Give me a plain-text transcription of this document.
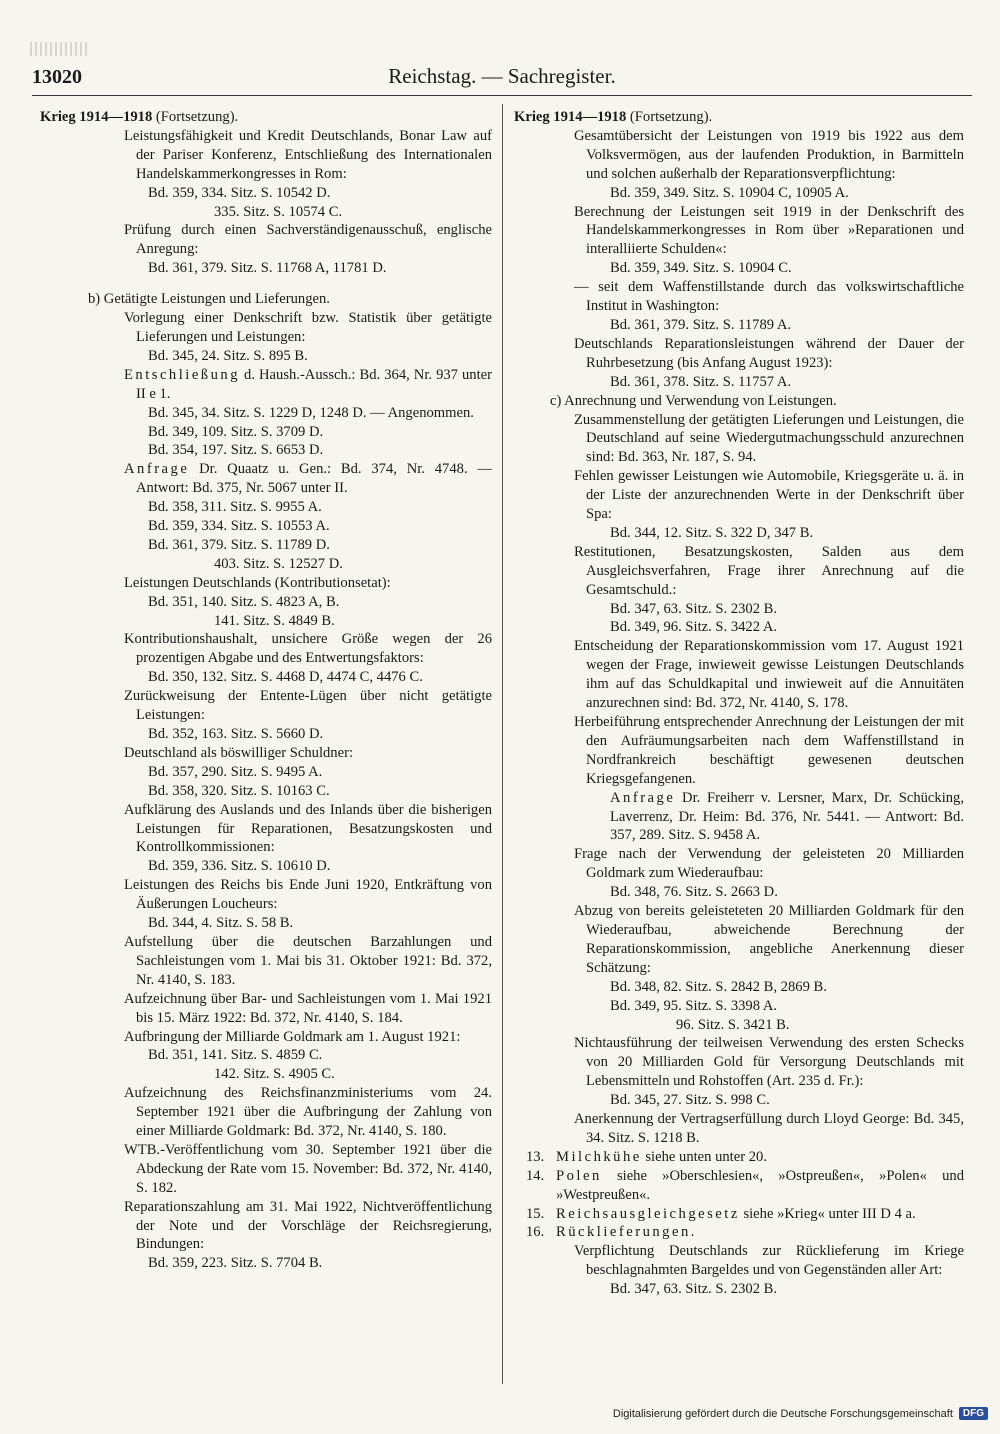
13020	Reichstag. — Sachregister.

Krieg 1914—1918 (Fortsetzung).

Leistungsfähigkeit und Kredit Deutschlands, Bonar Law auf der Pariser Konferenz, Entschließung des Internationalen Handelskammerkongresses in Rom:

Bd. 359, 334. Sitz. S. 10542 D.

335. Sitz. S. 10574 C.

Prüfung durch einen Sachverständigenausschuß, englische Anregung:

Bd. 361, 379. Sitz. S. 11768 A, 11781 D.

b) Getätigte Leistungen und Lieferungen.

Vorlegung einer Denkschrift bzw. Statistik über getätigte Lieferungen und Leistungen:

Bd. 345, 24. Sitz. S. 895 B.

Entschließung d. Haush.-Aussch.: Bd. 364, Nr. 937 unter II e 1.

Bd. 345, 34. Sitz. S. 1229 D, 1248 D. — Angenommen.

Bd. 349, 109. Sitz. S. 3709 D.

Bd. 354, 197. Sitz. S. 6653 D.

Anfrage Dr. Quaatz u. Gen.: Bd. 374, Nr. 4748. — Antwort: Bd. 375, Nr. 5067 unter II.

Bd. 358, 311. Sitz. S. 9955 A.

Bd. 359, 334. Sitz. S. 10553 A.

Bd. 361, 379. Sitz. S. 11789 D.

403. Sitz. S. 12527 D.

Leistungen Deutschlands (Kontributionsetat):

Bd. 351, 140. Sitz. S. 4823 A, B.

141. Sitz. S. 4849 B.

Kontributionshaushalt, unsichere Größe wegen der 26 prozentigen Abgabe und des Entwertungsfaktors:

Bd. 350, 132. Sitz. S. 4468 D, 4474 C, 4476 C.

Zurückweisung der Entente-Lügen über nicht getätigte Leistungen:

Bd. 352, 163. Sitz. S. 5660 D.

Deutschland als böswilliger Schuldner:

Bd. 357, 290. Sitz. S. 9495 A.

Bd. 358, 320. Sitz. S. 10163 C.

Aufklärung des Auslands und des Inlands über die bisherigen Leistungen für Reparationen, Besatzungskosten und Kontrollkommissionen:

Bd. 359, 336. Sitz. S. 10610 D.

Leistungen des Reichs bis Ende Juni 1920, Entkräftung von Äußerungen Loucheurs:

Bd. 344, 4. Sitz. S. 58 B.

Aufstellung über die deutschen Barzahlungen und Sachleistungen vom 1. Mai bis 31. Oktober 1921: Bd. 372, Nr. 4140, S. 183.

Aufzeichnung über Bar- und Sachleistungen vom 1. Mai 1921 bis 15. März 1922: Bd. 372, Nr. 4140, S. 184.

Aufbringung der Milliarde Goldmark am 1. August 1921:

Bd. 351, 141. Sitz. S. 4859 C.

142. Sitz. S. 4905 C.

Aufzeichnung des Reichsfinanzministeriums vom 24. September 1921 über die Aufbringung der Zahlung von einer Milliarde Goldmark: Bd. 372, Nr. 4140, S. 180.

WTB.-Veröffentlichung vom 30. September 1921 über die Abdeckung der Rate vom 15. November: Bd. 372, Nr. 4140, S. 182.

Reparationszahlung am 31. Mai 1922, Nichtveröffentlichung der Note und der Vorschläge der Reichsregierung, Bindungen:

Bd. 359, 223. Sitz. S. 7704 B.

Krieg 1914—1918 (Fortsetzung).

Gesamtübersicht der Leistungen von 1919 bis 1922 aus dem Volksvermögen, aus der laufenden Produktion, in Barmitteln und solchen außerhalb der Reparationsverpflichtung:

Bd. 359, 349. Sitz. S. 10904 C, 10905 A.

Berechnung der Leistungen seit 1919 in der Denkschrift des Handelskammerkongresses in Rom über »Reparationen und interalliierte Schulden«:

Bd. 359, 349. Sitz. S. 10904 C.

— seit dem Waffenstillstande durch das volkswirtschaftliche Institut in Washington:

Bd. 361, 379. Sitz. S. 11789 A.

Deutschlands Reparationsleistungen während der Dauer der Ruhrbesetzung (bis Anfang August 1923):

Bd. 361, 378. Sitz. S. 11757 A.

c) Anrechnung und Verwendung von Leistungen.

Zusammenstellung der getätigten Lieferungen und Leistungen, die Deutschland auf seine Wiedergutmachungsschuld anzurechnen sind: Bd. 363, Nr. 187, S. 94.

Fehlen gewisser Leistungen wie Automobile, Kriegsgeräte u. ä. in der Liste der anzurechnenden Werte in der Denkschrift über Spa:

Bd. 344, 12. Sitz. S. 322 D, 347 B.

Restitutionen, Besatzungskosten, Salden aus dem Ausgleichsverfahren, Frage ihrer Anrechnung auf die Gesamtschuld.:

Bd. 347, 63. Sitz. S. 2302 B.

Bd. 349, 96. Sitz. S. 3422 A.

Entscheidung der Reparationskommission vom 17. August 1921 wegen der Frage, inwieweit gewisse Leistungen Deutschlands ihm auf das Schuldkapital und inwieweit auf die Annuitäten anzurechnen sind: Bd. 372, Nr. 4140, S. 178.

Herbeiführung entsprechender Anrechnung der Leistungen der mit den Aufräumungsarbeiten nach dem Waffenstillstand in Nordfrankreich beschäftigt gewesenen deutschen Kriegsgefangenen.

Anfrage Dr. Freiherr v. Lersner, Marx, Dr. Schücking, Laverrenz, Dr. Heim: Bd. 376, Nr. 5441. — Antwort: Bd. 357, 289. Sitz. S. 9458 A.

Frage nach der Verwendung der geleisteten 20 Milliarden Goldmark zum Wiederaufbau:

Bd. 348, 76. Sitz. S. 2663 D.

Abzug von bereits geleisteteten 20 Milliarden Goldmark für den Wiederaufbau, abweichende Berechnung der Reparationskommission, angebliche Anerkennung dieser Schätzung:

Bd. 348, 82. Sitz. S. 2842 B, 2869 B.

Bd. 349, 95. Sitz. S. 3398 A.

96. Sitz. S. 3421 B.

Nichtausführung der teilweisen Verwendung des ersten Schecks von 20 Milliarden Gold für Versorgung Deutschlands mit Lebensmitteln und Rohstoffen (Art. 235 d. Fr.):

Bd. 345, 27. Sitz. S. 998 C.

Anerkennung der Vertragserfüllung durch Lloyd George: Bd. 345, 34. Sitz. S. 1218 B.

13. Milchkühe siehe unten unter 20.

14. Polen siehe »Oberschlesien«, »Ostpreußen«, »Polen« und »Westpreußen«.

15. Reichsausgleichgesetz siehe »Krieg« unter III D 4 a.

16. Rücklieferungen.

Verpflichtung Deutschlands zur Rücklieferung im Kriege beschlagnahmten Bargeldes und von Gegenständen aller Art:

Bd. 347, 63. Sitz. S. 2302 B.

Digitalisierung gefördert durch die Deutsche Forschungsgemeinschaft	DFG
